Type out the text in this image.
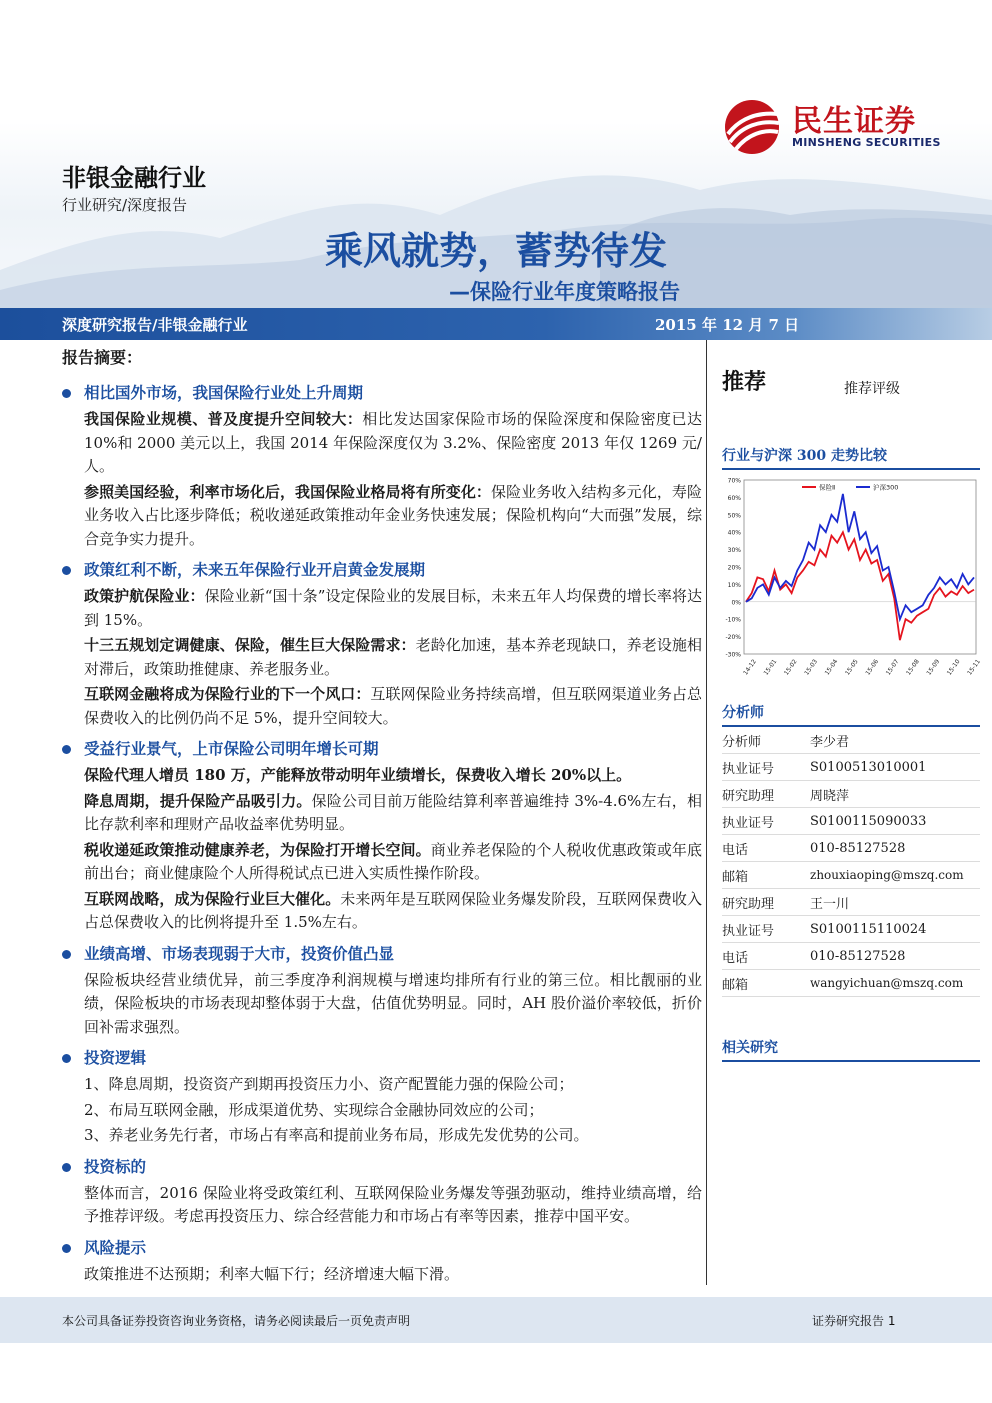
民生证券
MINSHENG SECURITIES
非银金融行业
行业研究/深度报告
乘风就势，蓄势待发
—保险行业年度策略报告
深度研究报告/非银金融行业	2015 年 12 月 7 日
报告摘要：
相比国外市场，我国保险行业处上升周期
我国保险业规模、普及度提升空间较大：相比发达国家保险市场的保险深度和保险密度已达 10%和 2000 美元以上，我国 2014 年保险深度仅为 3.2%、保险密度 2013 年仅 1269 元/人。
参照美国经验，利率市场化后，我国保险业格局将有所变化：保险业务收入结构多元化，寿险业务收入占比逐步降低；税收递延政策推动年金业务快速发展；保险机构向“大而强”发展，综合竞争实力提升。
政策红利不断，未来五年保险行业开启黄金发展期
政策护航保险业：保险业新“国十条”设定保险业的发展目标，未来五年人均保费的增长率将达到 15%。
十三五规划定调健康、保险，催生巨大保险需求：老龄化加速，基本养老现缺口，养老设施相对滞后，政策助推健康、养老服务业。
互联网金融将成为保险行业的下一个风口：互联网保险业务持续高增，但互联网渠道业务占总保费收入的比例仍尚不足 5%，提升空间较大。
受益行业景气，上市保险公司明年增长可期
保险代理人增员 180 万，产能释放带动明年业绩增长，保费收入增长 20%以上。
降息周期，提升保险产品吸引力。保险公司目前万能险结算利率普遍维持 3%-4.6%左右，相比存款利率和理财产品收益率优势明显。
税收递延政策推动健康养老，为保险打开增长空间。商业养老保险的个人税收优惠政策或年底前出台；商业健康险个人所得税试点已进入实质性操作阶段。
互联网战略，成为保险行业巨大催化。未来两年是互联网保险业务爆发阶段，互联网保费收入占总保费收入的比例将提升至 1.5%左右。
业绩高增、市场表现弱于大市，投资价值凸显
保险板块经营业绩优异，前三季度净利润规模与增速均排所有行业的第三位。相比靓丽的业绩，保险板块的市场表现却整体弱于大盘，估值优势明显。同时，AH 股价溢价率较低，折价回补需求强烈。
投资逻辑
1、降息周期，投资资产到期再投资压力小、资产配置能力强的保险公司；
2、布局互联网金融，形成渠道优势、实现综合金融协同效应的公司；
3、养老业务先行者，市场占有率高和提前业务布局，形成先发优势的公司。
投资标的
整体而言，2016 保险业将受政策红利、互联网保险业务爆发等强劲驱动，维持业绩高增，给予推荐评级。考虑再投资压力、综合经营能力和市场占有率等因素，推荐中国平安。
风险提示
政策推进不达预期；利率大幅下行；经济增速大幅下滑。
推荐	推荐评级
行业与沪深 300 走势比较
70%
60%
50%
40%
30%
20%
10%
0%
-10%
-20%
-30%
14-12 15-01 15-02 15-03 15-04 15-05 15-06 15-07 15-08 15-09 15-10 15-11
保险Ⅱ	沪深300
分析师
分析师	李少君
执业证号	S0100513010001
研究助理	周晓萍
执业证号	S0100115090033
电话	010-85127528
邮箱	zhouxiaoping@mszq.com
研究助理	王一川
执业证号	S0100115110024
电话	010-85127528
邮箱	wangyichuan@mszq.com
相关研究
本公司具备证券投资咨询业务资格，请务必阅读最后一页免责声明	证券研究报告 1
